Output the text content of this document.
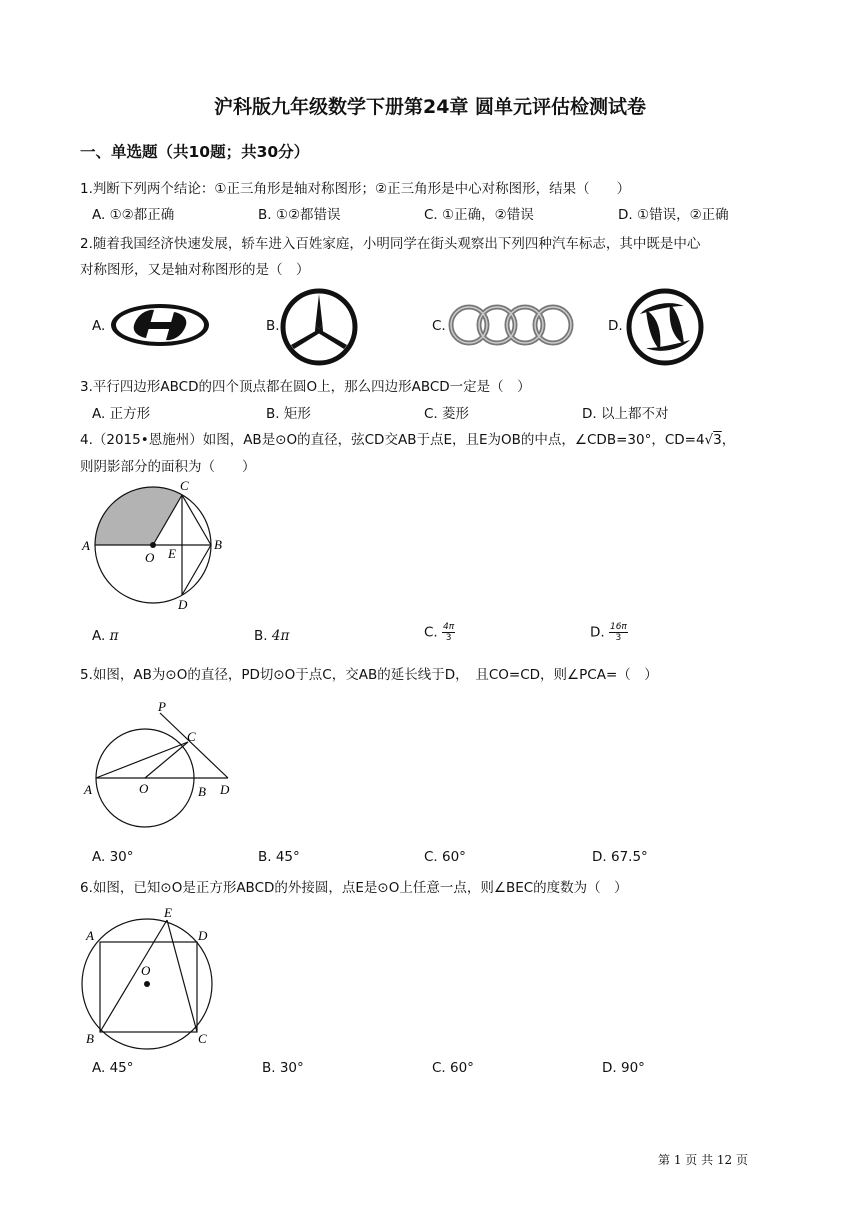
沪科版九年级数学下册第24章 圆单元评估检测试卷
一、单选题（共10题；共30分）
1.判断下列两个结论：①正三角形是轴对称图形；②正三角形是中心对称图形，结果（　　）
A. ①②都正确	B. ①②都错误	C. ①正确，②错误	D. ①错误，②正确
2.随着我国经济快速发展，轿车进入百姓家庭，小明同学在街头观察出下列四种汽车标志，其中既是中心
对称图形，又是轴对称图形的是（　）
A.	B.	C.	D.
3.平行四边形ABCD的四个顶点都在圆O上，那么四边形ABCD一定是（　）
A. 正方形	B. 矩形	C. 菱形	D. 以上都不对
4.（2015•恩施州）如图，AB是⊙O的直径，弦CD交AB于点E，且E为OB的中点，∠CDB=30°，CD=4√3，
则阴影部分的面积为（　　）
A
O E
B
C
D
A. π	B. 4π	C. $\frac{4\pi}{3}$	D. $\frac{16\pi}{3}$
5.如图，AB为⊙O的直径，PD切⊙O于点C，交AB的延长线于D，　且CO=CD，则∠PCA=（　）
P
C
A	O	B D
A. 30°	B. 45°	C. 60°	D. 67.5°
6.如图，已知⊙O是正方形ABCD的外接圆，点E是⊙O上任意一点，则∠BEC的度数为（　）
E
A	D
O
B	C
A. 45°	B. 30°	C. 60°	D. 90°
第 1 页 共 12 页
